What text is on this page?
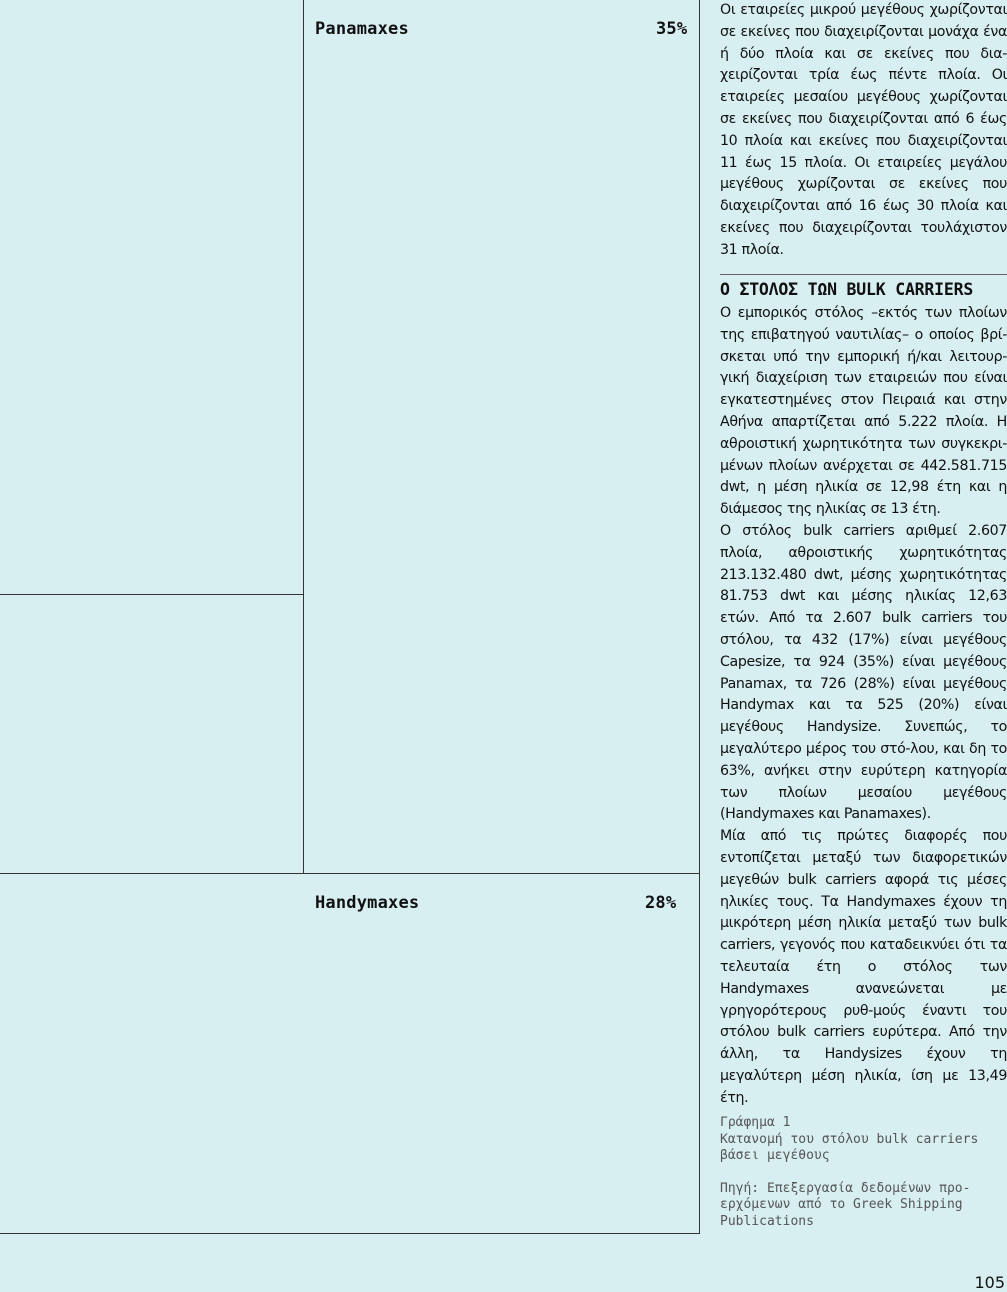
Panamaxes	35%
Handymaxes	28%

Οι εταιρείες μικρού μεγέθους χωρίζονται σε εκείνες που διαχειρίζονται μονάχα ένα ή δύο πλοία και σε εκείνες που δια-χειρίζονται τρία έως πέντε πλοία. Οι εταιρείες μεσαίου μεγέθους χωρίζονται σε εκείνες που διαχειρίζονται από 6 έως 10 πλοία και εκείνες που διαχειρίζονται 11 έως 15 πλοία. Οι εταιρείες μεγάλου μεγέθους χωρίζονται σε εκείνες που διαχειρίζονται από 16 έως 30 πλοία και εκείνες που διαχειρίζονται τουλάχιστον 31 πλοία.

Ο ΣΤΟΛΟΣ ΤΩΝ BULK CARRIERS

Ο εμπορικός στόλος –εκτός των πλοίων της επιβατηγού ναυτιλίας– ο οποίος βρί-σκεται υπό την εμπορική ή/και λειτουρ-γική διαχείριση των εταιρειών που είναι εγκατεστημένες στον Πειραιά και στην Αθήνα απαρτίζεται από 5.222 πλοία. Η αθροιστική χωρητικότητα των συγκεκρι-μένων πλοίων ανέρχεται σε 442.581.715 dwt, η μέση ηλικία σε 12,98 έτη και η διάμεσος της ηλικίας σε 13 έτη.

Ο στόλος bulk carriers αριθμεί 2.607 πλοία, αθροιστικής χωρητικότητας 213.132.480 dwt, μέσης χωρητικότητας 81.753 dwt και μέσης ηλικίας 12,63 ετών. Από τα 2.607 bulk carriers του στόλου, τα 432 (17%) είναι μεγέθους Capesize, τα 924 (35%) είναι μεγέθους Panamax, τα 726 (28%) είναι μεγέθους Handymax και τα 525 (20%) είναι μεγέθους Handysize. Συνεπώς, το μεγαλύτερο μέρος του στό-λου, και δη το 63%, ανήκει στην ευρύτερη κατηγορία των πλοίων μεσαίου μεγέθους (Handymaxes και Panamaxes).

Μία από τις πρώτες διαφορές που εντοπίζεται μεταξύ των διαφορετικών μεγεθών bulk carriers αφορά τις μέσες ηλικίες τους. Τα Handymaxes έχουν τη μικρότερη μέση ηλικία μεταξύ των bulk carriers, γεγονός που καταδεικνύει ότι τα τελευταία έτη ο στόλος των Handymaxes ανανεώνεται με γρηγορότερους ρυθ-μούς έναντι του στόλου bulk carriers ευρύτερα. Από την άλλη, τα Handysizes έχουν τη μεγαλύτερη μέση ηλικία, ίση με 13,49 έτη.

Γράφημα 1

Κατανομή του στόλου bulk carriers βάσει μεγέθους

Πηγή: Επεξεργασία δεδομένων προ-ερχόμενων από το Greek Shipping Publications

105
